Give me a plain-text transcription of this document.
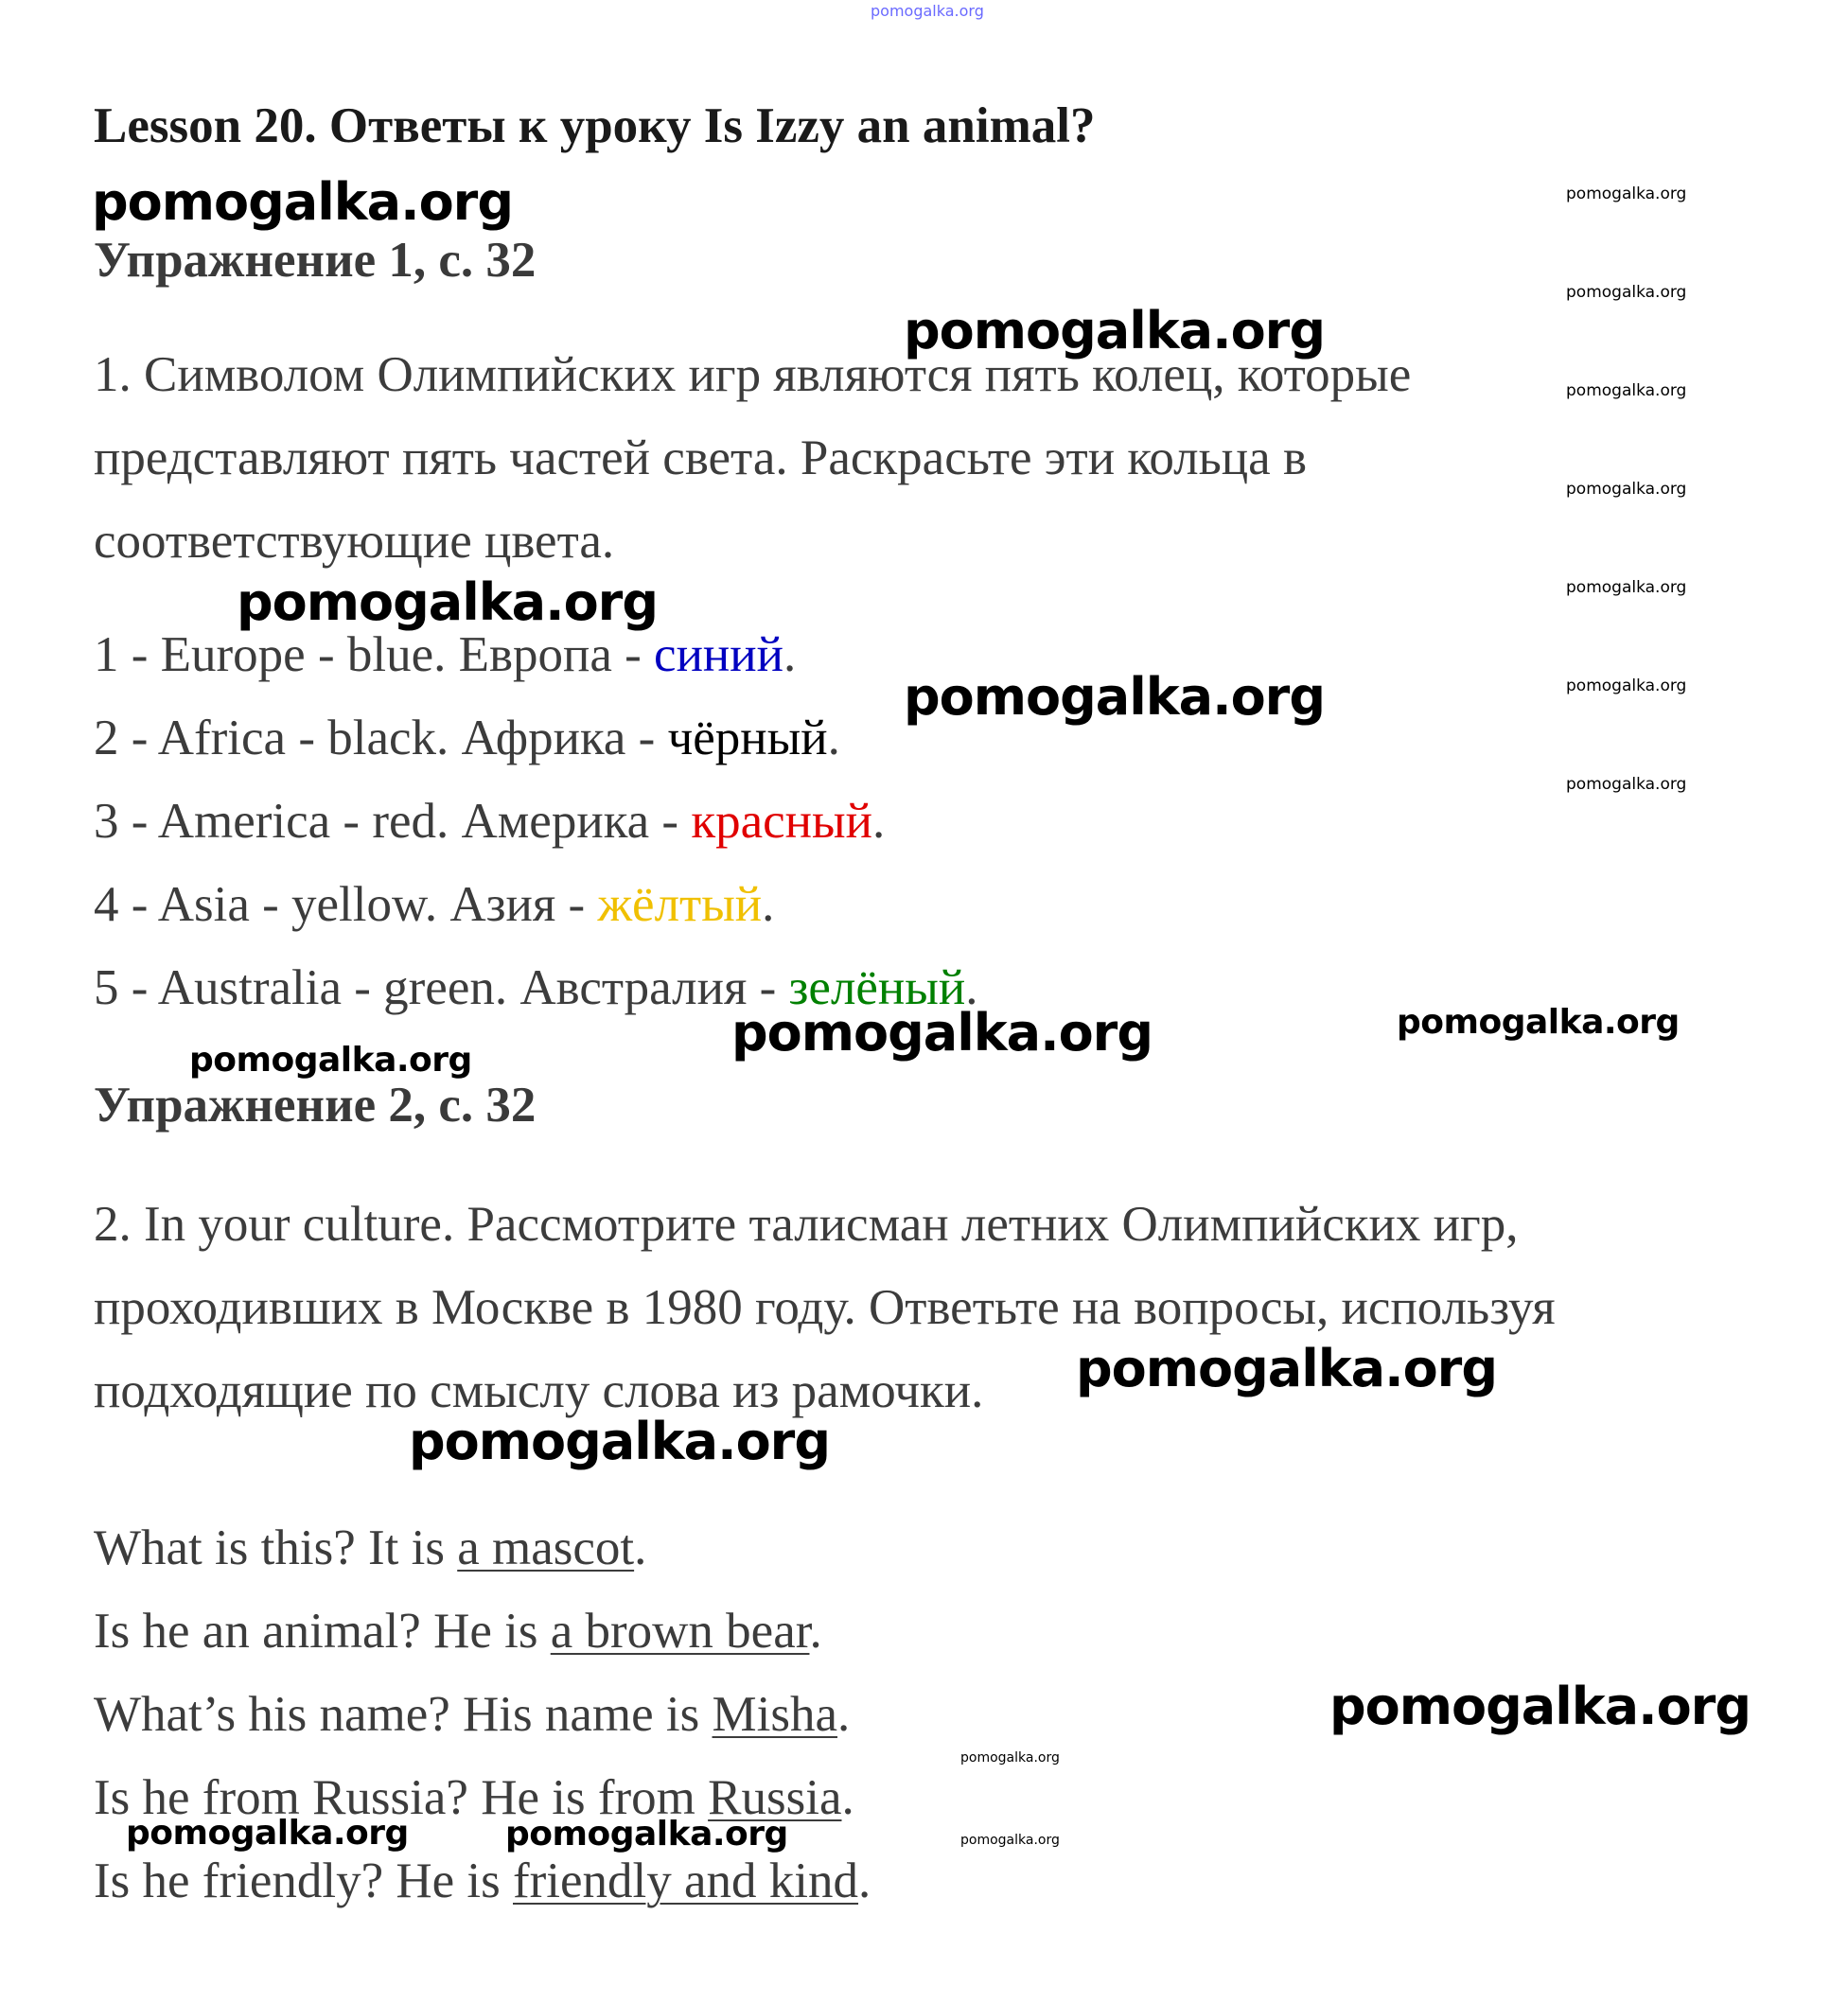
Lesson 20. Ответы к уроку Is Izzy an animal?
Упражнение 1, с. 32
1. Символом Олимпийских игр являются пять колец, которые
представляют пять частей света. Раскрасьте эти кольца в
соответствующие цвета.
1 - Europe - blue. Европа - синий.
2 - Africa - black. Африка - чёрный.
3 - America - red. Америка - красный.
4 - Asia - yellow. Азия - жёлтый.
5 - Australia - green. Австралия - зелёный.
Упражнение 2, с. 32
2. In your culture. Рассмотрите талисман летних Олимпийских игр,
проходивших в Москве в 1980 году. Ответьте на вопросы, используя
подходящие по смыслу слова из рамочки.
What is this? It is a mascot.
Is he an animal? He is a brown bear.
What’s his name? His name is Misha.
Is he from Russia? He is from Russia.
Is he friendly? He is friendly and kind.
pomogalka.org
pomogalka.org
pomogalka.org
pomogalka.org
pomogalka.org
pomogalka.org
pomogalka.org
pomogalka.org
pomogalka.org
pomogalka.org
pomogalka.org
pomogalka.org
pomogalka.org
pomogalka.org
pomogalka.org
pomogalka.org
pomogalka.org
pomogalka.org
pomogalka.org
pomogalka.org
pomogalka.org
pomogalka.org
